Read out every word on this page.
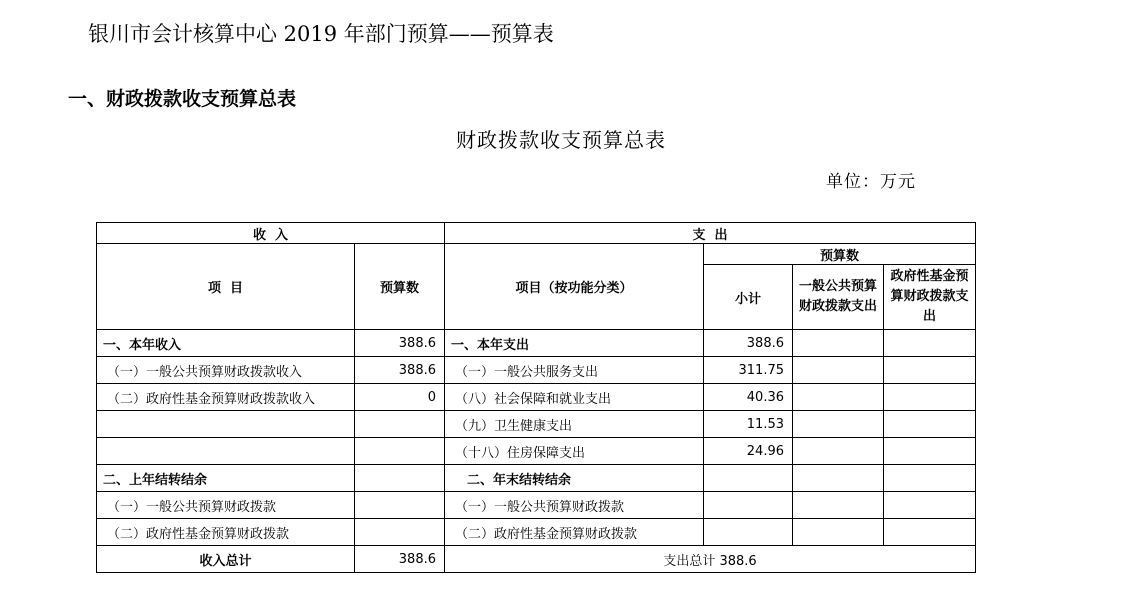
银川市会计核算中心 2019 年部门预算——预算表
一、财政拨款收支预算总表
财政拨款收支预算总表
单位：万元
收  入		支  出			
项  目	预算数	项目（按功能分类）	预算数		
			小计	一般公共预算财政拨款支出	政府性基金预算财政拨款支出
一、本年收入	388.6	一、本年支出	388.6		
（一）一般公共预算财政拨款收入	388.6	（一）一般公共服务支出	311.75		
（二）政府性基金预算财政拨款收入	0	（八）社会保障和就业支出	40.36		
		（九）卫生健康支出	11.53		
		（十八）住房保障支出	24.96		
二、上年结转结余		二、年末结转结余			
（一）一般公共预算财政拨款		（一）一般公共预算财政拨款			
（二）政府性基金预算财政拨款		（二）政府性基金预算财政拨款			
收入总计	388.6	支出总计 388.6			
